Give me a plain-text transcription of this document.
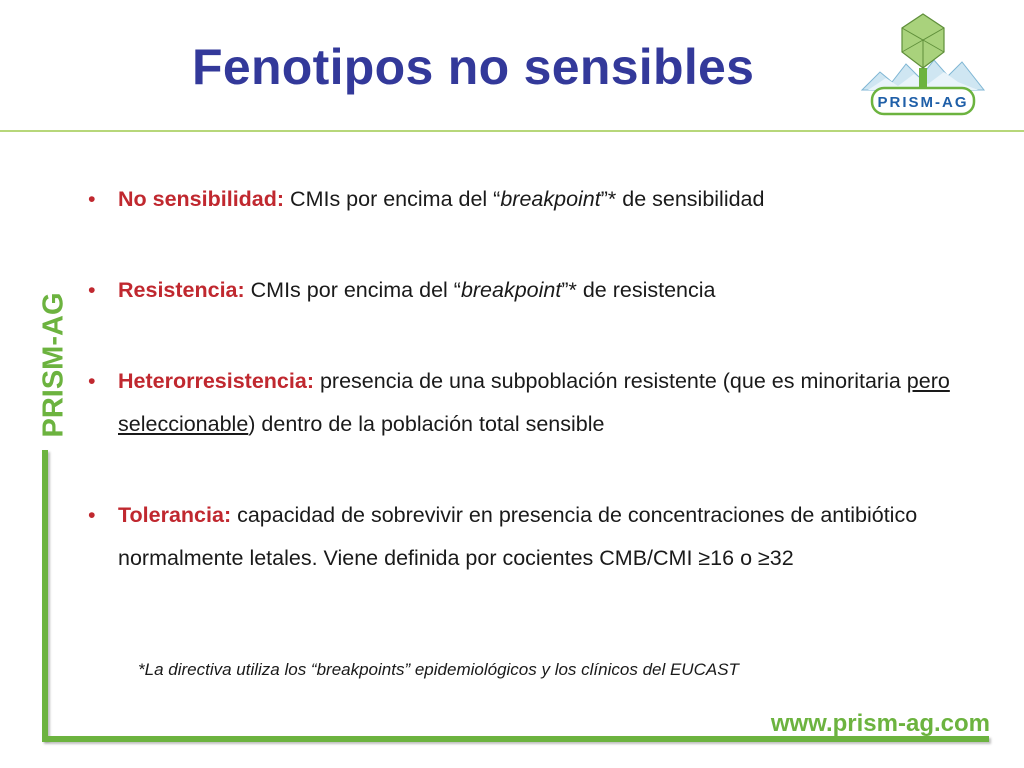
Fenotipos no sensibles
PRISM-AG
PRISM-AG
• No sensibilidad: CMIs por encima del “breakpoint”* de sensibilidad
• Resistencia: CMIs por encima del “breakpoint”* de resistencia
• Heterorresistencia: presencia de una subpoblación resistente (que es minoritaria pero seleccionable) dentro de la población total sensible
• Tolerancia: capacidad de sobrevivir en presencia de concentraciones de antibiótico normalmente letales. Viene definida por cocientes CMB/CMI ≥16 o ≥32
*La directiva utiliza los “breakpoints” epidemiológicos y los clínicos del EUCAST
www.prism-ag.com
